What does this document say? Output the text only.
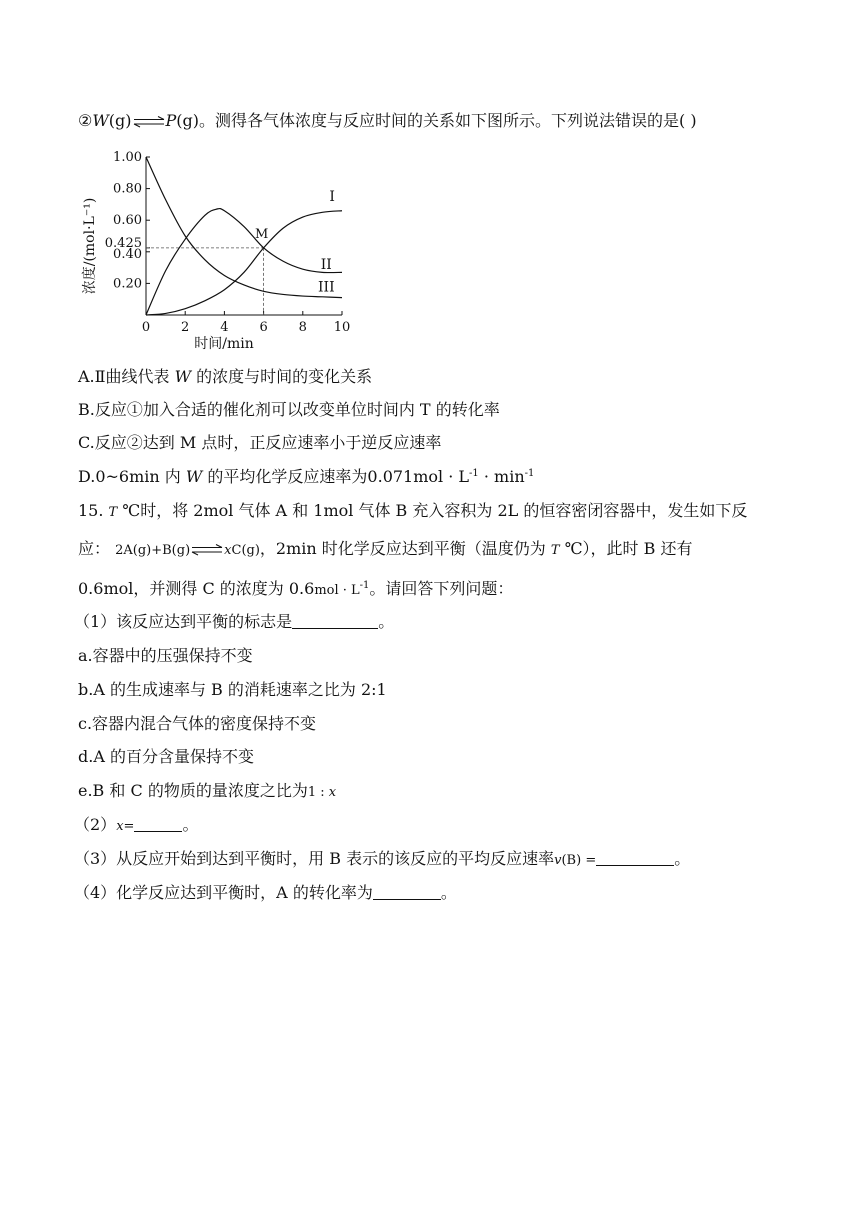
②W(g)⇌P(g)。测得各气体浓度与反应时间的关系如下图所示。下列说法错误的是( )
0 2 4 6 8 10
0.20
0.40
0.425
0.60
0.80
1.00
时间/min
浓度/(mol·L⁻¹)	M
I
II
III
A.Ⅱ曲线代表 W 的浓度与时间的变化关系
B.反应①加入合适的催化剂可以改变单位时间内 T 的转化率
C.反应②达到 M 点时，正反应速率小于逆反应速率
D.0~6min 内 W 的平均化学反应速率为$0.071mol \cdot L^{-1} \cdot \min^{-1}$
15. T ℃时，将 2mol 气体 A 和 1mol 气体 B 充入容积为 2L 的恒容密闭容器中，发生如下反
应： 2A(g)+B(g)⇌xC(g)，2min 时化学反应达到平衡（温度仍为 T ℃），此时 B 还有
0.6mol，并测得 C 的浓度为 $0.6mol \cdot L^{-1}$。请回答下列问题：
（1）该反应达到平衡的标志是	。
a.容器中的压强保持不变
b.A 的生成速率与 B 的消耗速率之比为 2:1
c.容器内混合气体的密度保持不变
d.A 的百分含量保持不变
e.B 和 C 的物质的量浓度之比为1 : x
（2）x=	。
（3）从反应开始到达到平衡时，用 B 表示的该反应的平均反应速率v(B) =	。
（4）化学反应达到平衡时，A 的转化率为	。
